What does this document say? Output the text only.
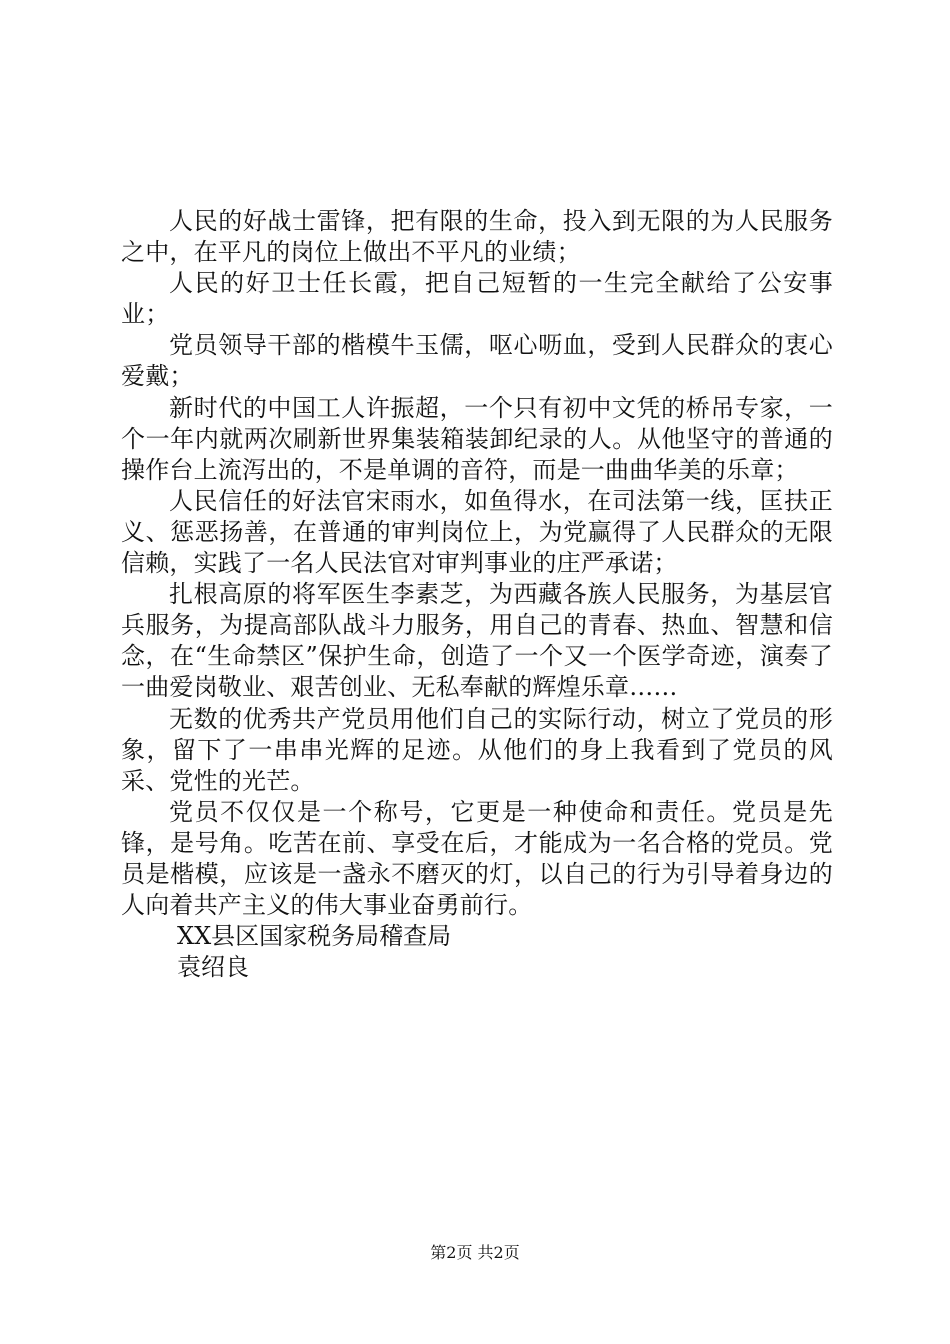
人民的好战士雷锋，把有限的生命，投入到无限的为人民服务之中，在平凡的岗位上做出不平凡的业绩；

人民的好卫士任长霞，把自己短暂的一生完全献给了公安事业；

党员领导干部的楷模牛玉儒，呕心呖血，受到人民群众的衷心爱戴；

新时代的中国工人许振超，一个只有初中文凭的桥吊专家，一个一年内就两次刷新世界集装箱装卸纪录的人。从他坚守的普通的操作台上流泻出的，不是单调的音符，而是一曲曲华美的乐章；

人民信任的好法官宋雨水，如鱼得水，在司法第一线，匡扶正义、惩恶扬善，在普通的审判岗位上，为党赢得了人民群众的无限信赖，实践了一名人民法官对审判事业的庄严承诺；

扎根高原的将军医生李素芝，为西藏各族人民服务，为基层官兵服务，为提高部队战斗力服务，用自己的青春、热血、智慧和信念，在“生命禁区”保护生命，创造了一个又一个医学奇迹，演奏了一曲爱岗敬业、艰苦创业、无私奉献的辉煌乐章……

无数的优秀共产党员用他们自己的实际行动，树立了党员的形象，留下了一串串光辉的足迹。从他们的身上我看到了党员的风采、党性的光芒。

党员不仅仅是一个称号，它更是一种使命和责任。党员是先锋，是号角。吃苦在前、享受在后，才能成为一名合格的党员。党员是楷模，应该是一盏永不磨灭的灯，以自己的行为引导着身边的人向着共产主义的伟大事业奋勇前行。

XX县区国家税务局稽查局

袁绍良

第2页 共2页
